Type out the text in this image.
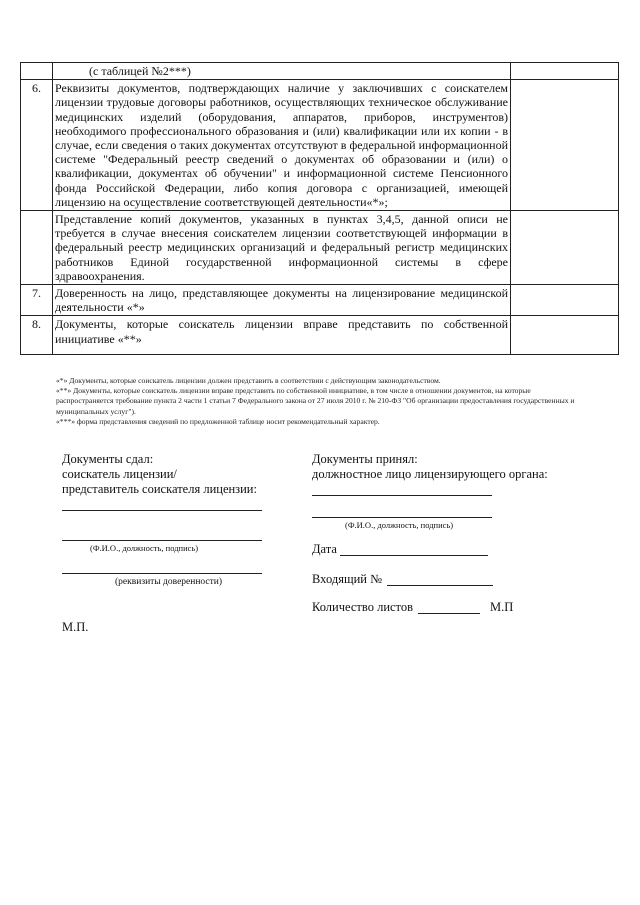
	(с таблицей №2***)	
6.	Реквизиты документов, подтверждающих наличие у заключивших с соискателем лицензии трудовые договоры работников, осуществляющих техническое обслуживание медицинских изделий (оборудования, аппаратов, приборов, инструментов) необходимого профессионального образования и (или) квалификации или их копии - в случае, если сведения о таких документах отсутствуют в федеральной информационной системе "Федеральный реестр сведений о документах об образовании и (или) о квалификации, документах об обучении" и информационной системе Пенсионного фонда Российской Федерации, либо копия договора с организацией, имеющей лицензию на осуществление соответствующей деятельности«*»;	
	Представление копий документов, указанных в пунктах 3,4,5, данной описи не требуется в случае внесения соискателем лицензии соответствующей информации в федеральный реестр медицинских организаций и федеральный регистр медицинских работников Единой государственной информационной системы в сфере здравоохранения.	
7.	Доверенность на лицо, представляющее документы на лицензирование медицинской деятельности «*»	
8.	Документы, которые соискатель лицензии вправе представить по собственной инициативе «**»	

«*» Документы, которые соискатель лицензии должен представить в соответствии с действующим законодательством.

«**» Документы, которые соискатель лицензии вправе представить по собственной инициативе, в том числе в отношении документов, на которые распространяется требование пункта 2 части 1 статьи 7 Федерального закона от 27 июля 2010 г. № 210-ФЗ "Об организации предоставления государственных и муниципальных услуг").

«***» форма представления сведений по предложенной таблице носит рекомендательный характер.

Документы сдал:
соискатель лицензии/
представитель соискателя лицензии:
(Ф.И.О., должность, подпись)
(реквизиты доверенности)
М.П.
Документы принял:
должностное лицо лицензирующего органа:
(Ф.И.О., должность, подпись)
Дата
Входящий №
Количество листов	М.П
